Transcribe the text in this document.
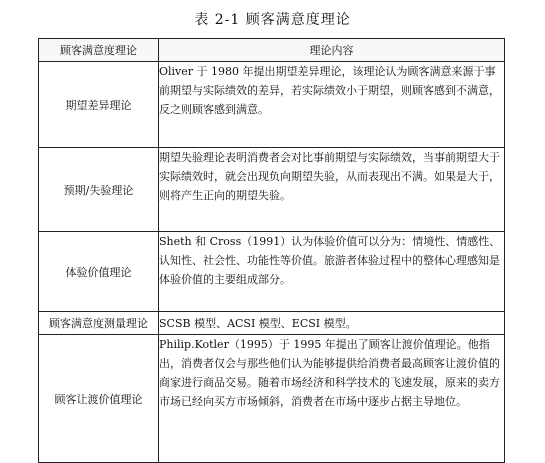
表 2-1 顾客满意度理论
顾客满意度理论	理论内容
期望差异理论	Oliver 于 1980 年提出期望差异理论，该理论认为顾客满意来源于事前期望与实际绩效的差异，若实际绩效小于期望，则顾客感到不满意，反之则顾客感到满意。
预期/失验理论	期望失验理论表明消费者会对比事前期望与实际绩效，当事前期望大于实际绩效时，就会出现负向期望失验，从而表现出不满。如果是大于，则将产生正向的期望失验。
体验价值理论	Sheth 和 Cross（1991）认为体验价值可以分为：情境性、情感性、认知性、社会性、功能性等价值。旅游者体验过程中的整体心理感知是体验价值的主要组成部分。
顾客满意度测量理论	SCSB 模型、ACSI 模型、ECSI 模型。
顾客让渡价值理论	Philip.Kotler（1995）于 1995 年提出了顾客让渡价值理论。他指出，消费者仅会与那些他们认为能够提供给消费者最高顾客让渡价值的商家进行商品交易。随着市场经济和科学技术的飞速发展，原来的卖方市场已经向买方市场倾斜，消费者在市场中逐步占据主导地位。
